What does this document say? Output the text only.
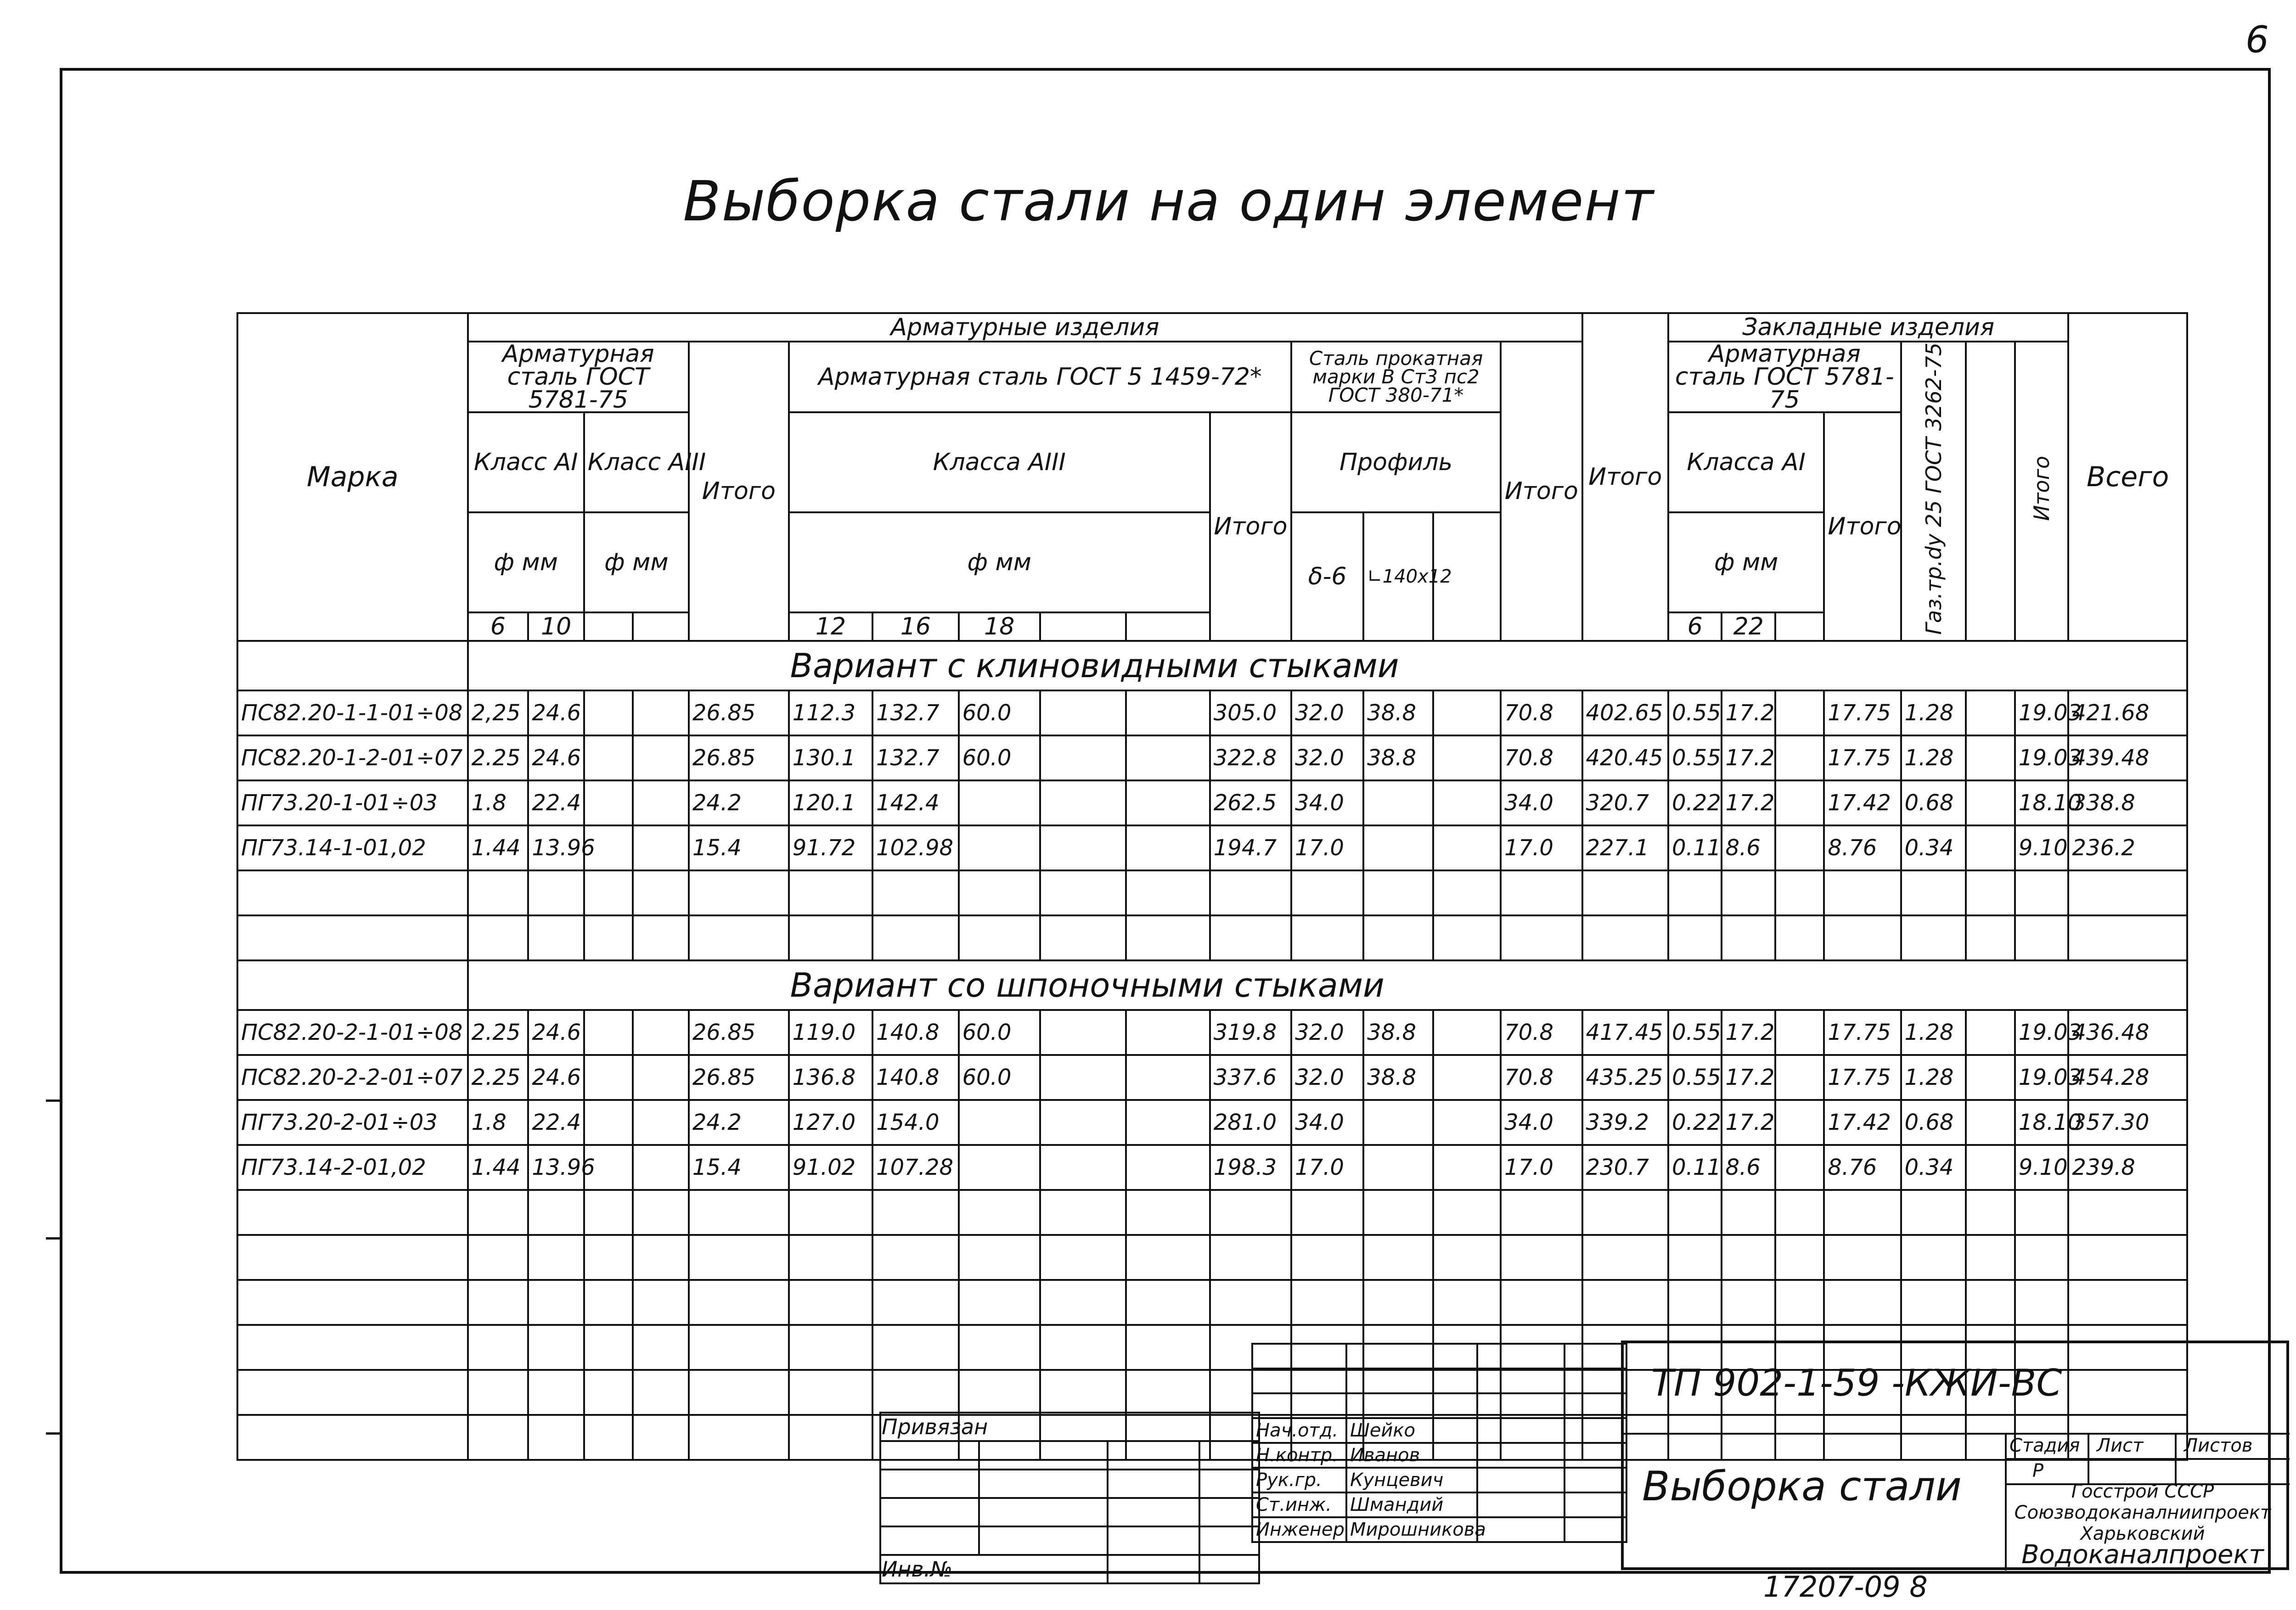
6
Выборка стали на один элемент
Марка	Арматурные изделия															Итого	Закладные изделия							Всего
	Арматурная сталь ГОСТ 5781-75				Итого	Арматурная сталь ГОСТ 5 1459-72*						Сталь прокатная марки В Ст3 пс2 ГОСТ 380-71*			Итого		Арматурная сталь ГОСТ 5781-75				Газ.тр.dy 25 ГОСТ 3262-75		Итого	

	Класс АI		Класс АIII			Класса АIII					Итого	Профиль					Класса АI			Итого				
	ф мм		ф мм			ф мм						δ-6	∟140x12				ф мм							
	6	10				12	16	18									6	22						
	Вариант с клиновидными стыками																							
ПС82.20-1-1-01÷08	2,25	24.6			26.85	112.3	132.7	60.0			305.0	32.0	38.8		70.8	402.65	0.55	17.2		17.75	1.28		19.03	421.68
ПС82.20-1-2-01÷07	2.25	24.6			26.85	130.1	132.7	60.0			322.8	32.0	38.8		70.8	420.45	0.55	17.2		17.75	1.28		19.03	439.48
ПГ73.20-1-01÷03	1.8	22.4			24.2	120.1	142.4				262.5	34.0			34.0	320.7	0.22	17.2		17.42	0.68		18.10	338.8
ПГ73.14-1-01,02	1.44	13.96			15.4	91.72	102.98				194.7	17.0			17.0	227.1	0.11	8.6		8.76	0.34		9.10	236.2

	Вариант со шпоночными стыками																							
ПС82.20-2-1-01÷08	2.25	24.6			26.85	119.0	140.8	60.0			319.8	32.0	38.8		70.8	417.45	0.55	17.2		17.75	1.28		19.03	436.48
ПС82.20-2-2-01÷07	2.25	24.6			26.85	136.8	140.8	60.0			337.6	32.0	38.8		70.8	435.25	0.55	17.2		17.75	1.28		19.03	454.28
ПГ73.20-2-01÷03	1.8	22.4			24.2	127.0	154.0				281.0	34.0			34.0	339.2	0.22	17.2		17.42	0.68		18.10	357.30
ПГ73.14-2-01,02	1.44	13.96			15.4	91.02	107.28				198.3	17.0			17.0	230.7	0.11	8.6		8.76	0.34		9.10	239.8

Привязан			

Инв.№			

Нач.отд.	Шейко		
Н.контр.	Иванов		
Рук.гр.	Кунцевич		
Ст.инж.	Шмандий		
Инженер	Мирошникова		
ТП 902-1-59 -КЖИ-ВС
Стадия Лист Листов
Р
Выборка стали	Госстрой СССР
Союзводоканалниипроект
Харьковский
Водоканалпроект
17207-09 8
